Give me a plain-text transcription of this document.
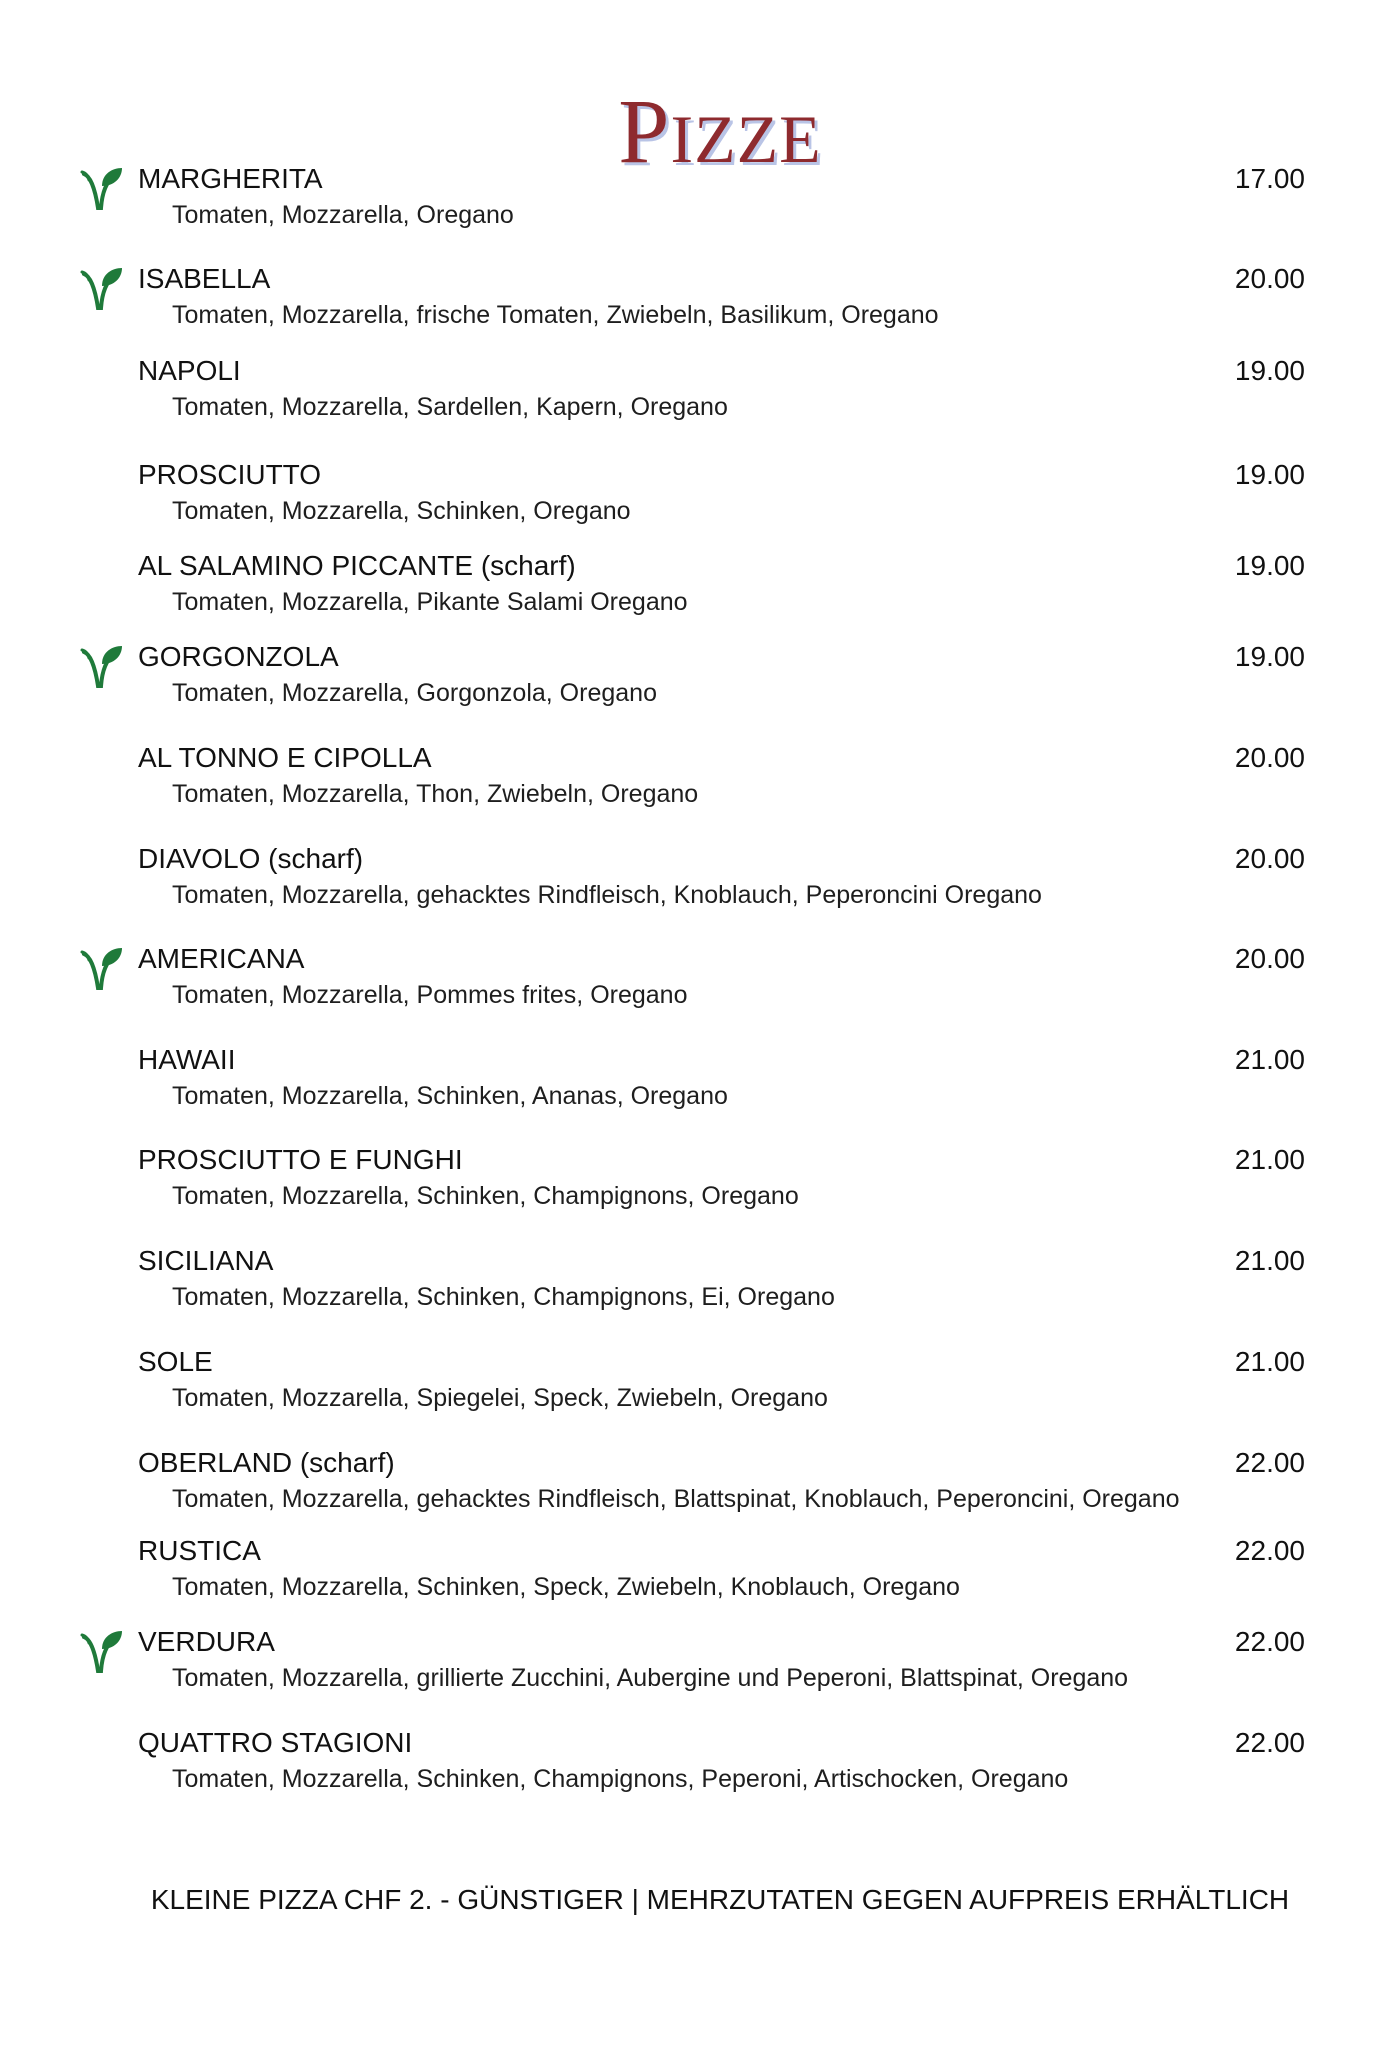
PIZZE
MARGHERITA	17.00
Tomaten, Mozzarella, Oregano
ISABELLA	20.00
Tomaten, Mozzarella, frische Tomaten, Zwiebeln, Basilikum, Oregano
NAPOLI	19.00
Tomaten, Mozzarella, Sardellen, Kapern, Oregano
PROSCIUTTO	19.00
Tomaten, Mozzarella, Schinken, Oregano
AL SALAMINO PICCANTE (scharf)	19.00
Tomaten, Mozzarella, Pikante Salami Oregano
GORGONZOLA	19.00
Tomaten, Mozzarella, Gorgonzola, Oregano
AL TONNO E CIPOLLA	20.00
Tomaten, Mozzarella, Thon, Zwiebeln, Oregano
DIAVOLO (scharf)	20.00
Tomaten, Mozzarella, gehacktes Rindfleisch, Knoblauch, Peperoncini Oregano
AMERICANA	20.00
Tomaten, Mozzarella, Pommes frites, Oregano
HAWAII	21.00
Tomaten, Mozzarella, Schinken, Ananas, Oregano
PROSCIUTTO E FUNGHI	21.00
Tomaten, Mozzarella, Schinken, Champignons, Oregano
SICILIANA	21.00
Tomaten, Mozzarella, Schinken, Champignons, Ei, Oregano
SOLE	21.00
Tomaten, Mozzarella, Spiegelei, Speck, Zwiebeln, Oregano
OBERLAND (scharf)	22.00
Tomaten, Mozzarella, gehacktes Rindfleisch, Blattspinat, Knoblauch, Peperoncini, Oregano
RUSTICA	22.00
Tomaten, Mozzarella, Schinken, Speck, Zwiebeln, Knoblauch, Oregano
VERDURA	22.00
Tomaten, Mozzarella, grillierte Zucchini, Aubergine und Peperoni, Blattspinat, Oregano
QUATTRO STAGIONI	22.00
Tomaten, Mozzarella, Schinken, Champignons, Peperoni, Artischocken, Oregano
KLEINE PIZZA CHF 2. - GÜNSTIGER | MEHRZUTATEN GEGEN AUFPREIS ERHÄLTLICH
